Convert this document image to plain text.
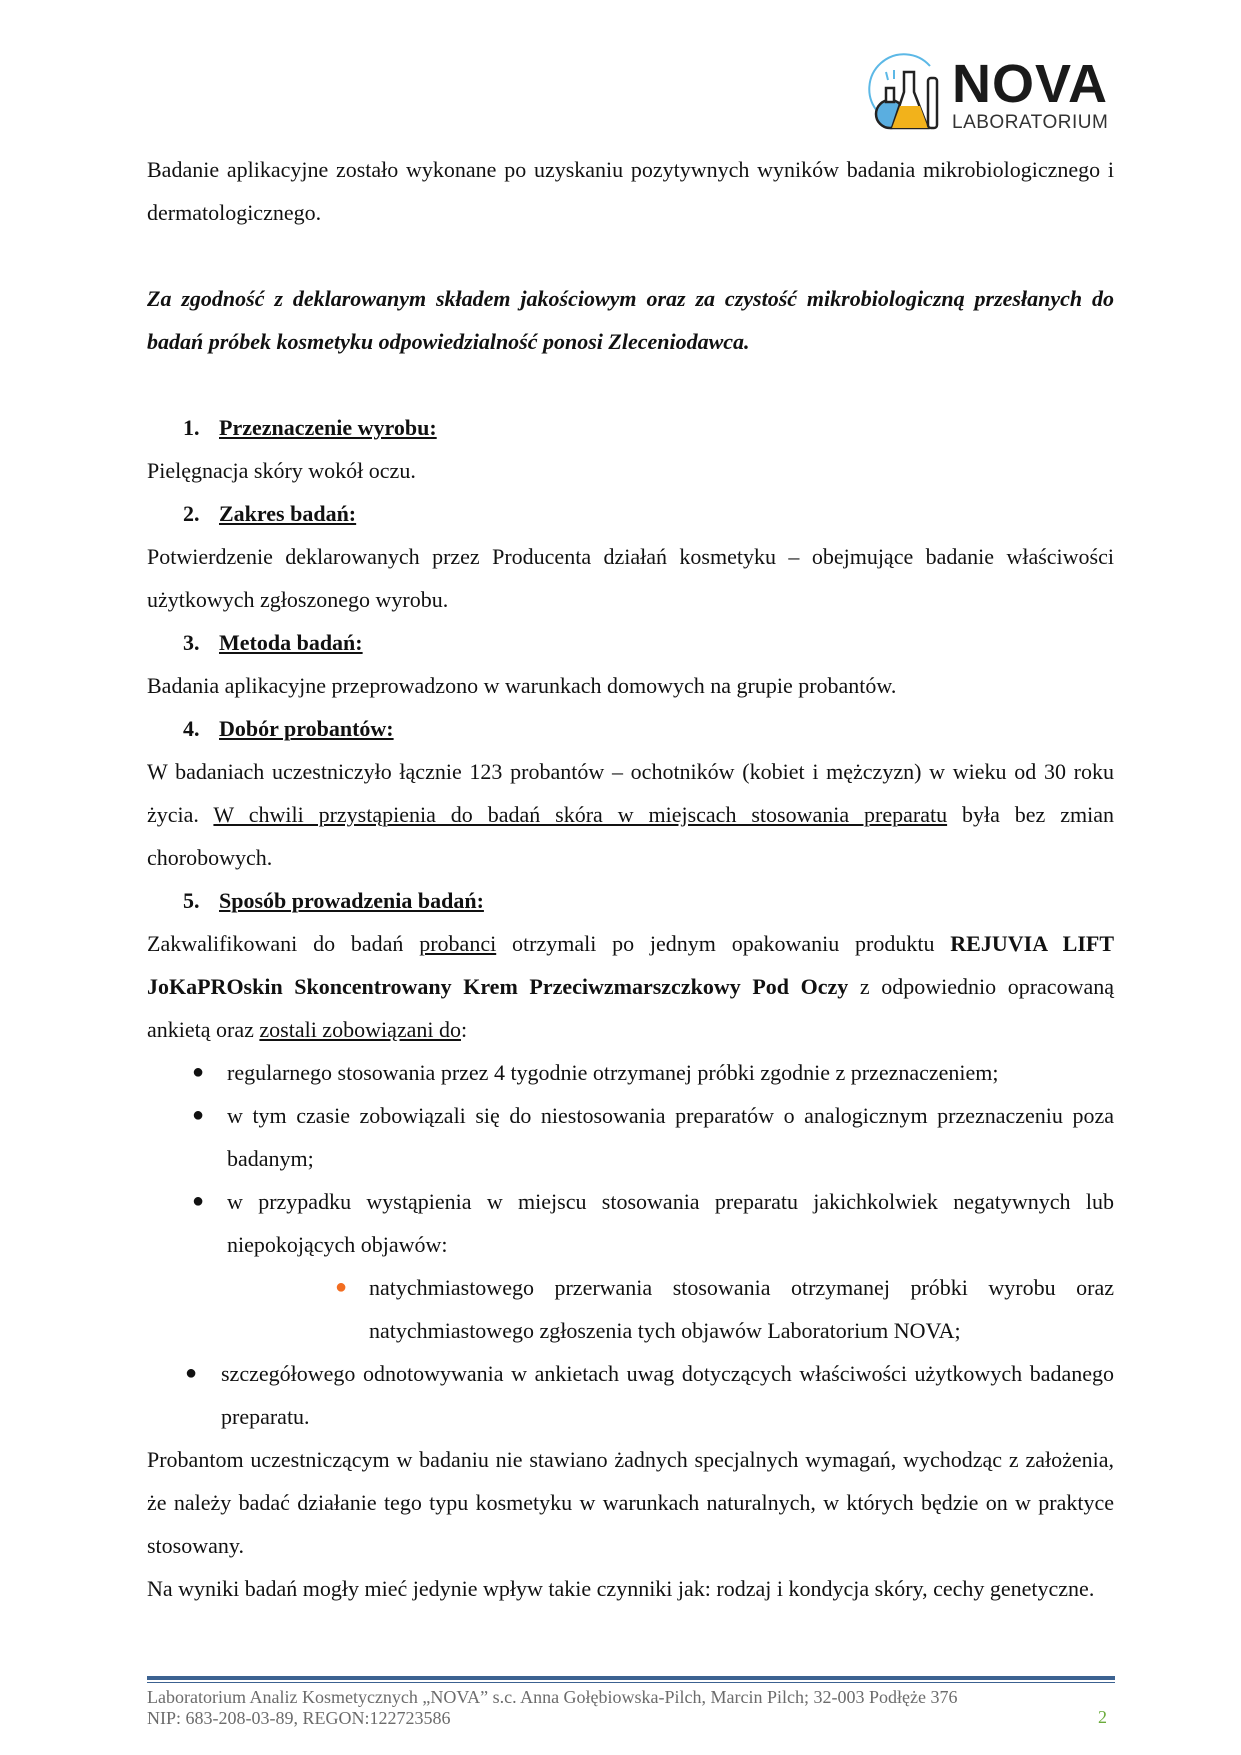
NOVA
LABORATORIUM

Badanie aplikacyjne zostało wykonane po uzyskaniu pozytywnych wyników badania mikrobiologicznego i dermatologicznego.

Za zgodność z deklarowanym składem jakościowym oraz za czystość mikrobiologiczną przesłanych do badań próbek kosmetyku odpowiedzialność ponosi Zleceniodawca.

1. Przeznaczenie wyrobu:

Pielęgnacja skóry wokół oczu.

2. Zakres badań:

Potwierdzenie deklarowanych przez Producenta działań kosmetyku – obejmujące badanie właściwości użytkowych zgłoszonego wyrobu.

3. Metoda badań:

Badania aplikacyjne przeprowadzono w warunkach domowych na grupie probantów.

4. Dobór probantów:

W badaniach uczestniczyło łącznie 123 probantów – ochotników (kobiet i mężczyzn) w wieku od 30 roku życia. W chwili przystąpienia do badań skóra w miejscach stosowania preparatu była bez zmian chorobowych.

5. Sposób prowadzenia badań:

Zakwalifikowani do badań probanci otrzymali po jednym opakowaniu produktu REJUVIA LIFT JoKaPROskin Skoncentrowany Krem Przeciwzmarszczkowy Pod Oczy z odpowiednio opracowaną ankietą oraz zostali zobowiązani do:

● regularnego stosowania przez 4 tygodnie otrzymanej próbki zgodnie z przeznaczeniem;
● w tym czasie zobowiązali się do niestosowania preparatów o analogicznym przeznaczeniu poza badanym;
● w przypadku wystąpienia w miejscu stosowania preparatu jakichkolwiek negatywnych lub niepokojących objawów:
● natychmiastowego przerwania stosowania otrzymanej próbki wyrobu oraz natychmiastowego zgłoszenia tych objawów Laboratorium NOVA;
● szczegółowego odnotowywania w ankietach uwag dotyczących właściwości użytkowych badanego preparatu.

Probantom uczestniczącym w badaniu nie stawiano żadnych specjalnych wymagań, wychodząc z założenia, że należy badać działanie tego typu kosmetyku w warunkach naturalnych, w których będzie on w praktyce stosowany.

Na wyniki badań mogły mieć jedynie wpływ takie czynniki jak: rodzaj i kondycja skóry, cechy genetyczne.

Laboratorium Analiz Kosmetycznych „NOVA” s.c. Anna Gołębiowska-Pilch, Marcin Pilch; 32-003 Podłęże 376
NIP: 683-208-03-89, REGON:122723586	2
